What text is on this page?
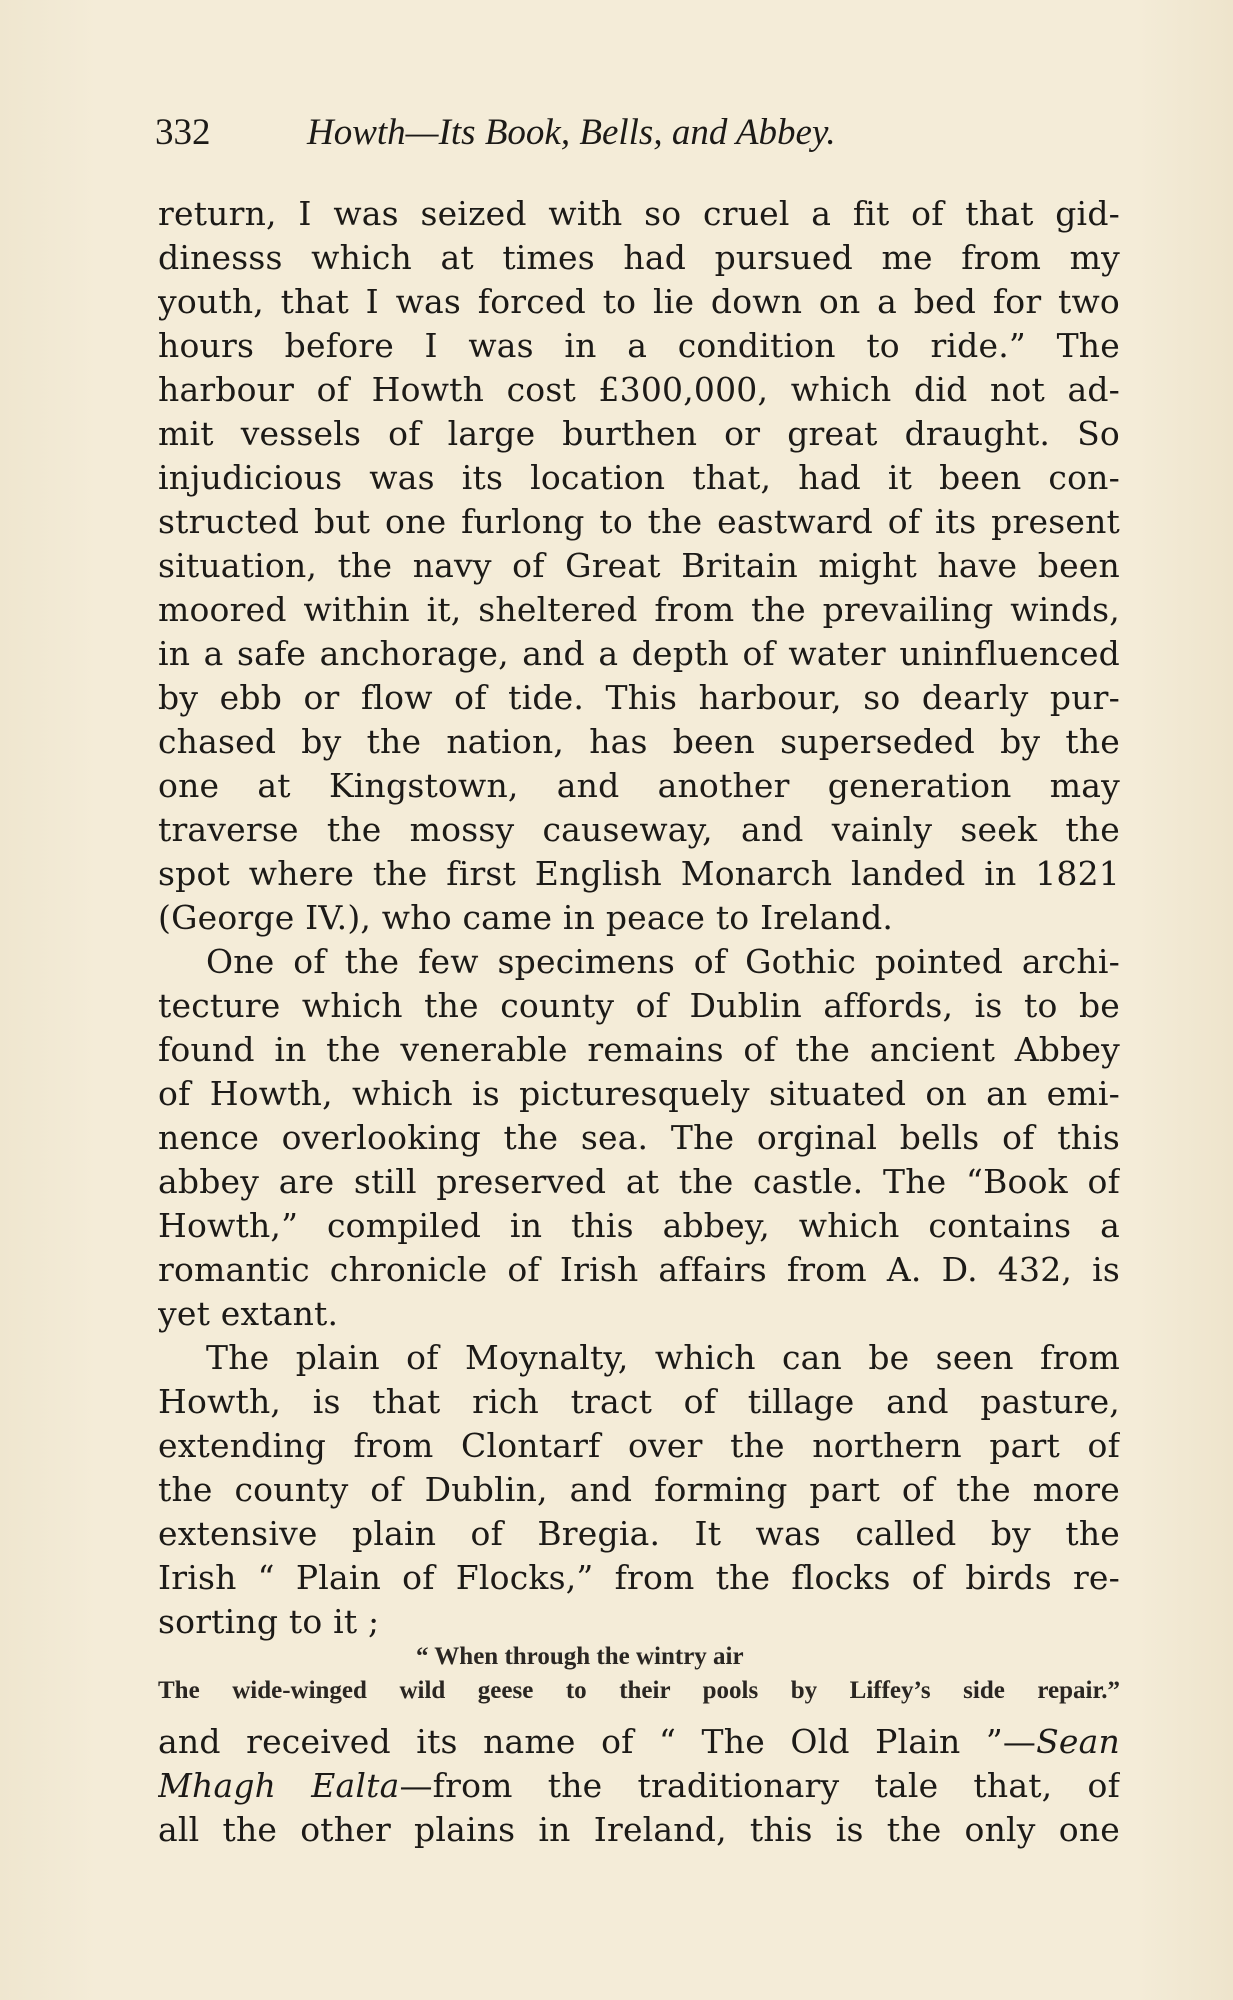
332	Howth—Its Book, Bells, and Abbey.
return, I was seized with so cruel a fit of that gid-
dinesss which at times had pursued me from my
youth, that I was forced to lie down on a bed for two
hours before I was in a condition to ride.” The
harbour of Howth cost £300,000, which did not ad-
mit vessels of large burthen or great draught. So
injudicious was its location that, had it been con-
structed but one furlong to the eastward of its present
situation, the navy of Great Britain might have been
moored within it, sheltered from the prevailing winds,
in a safe anchorage, and a depth of water uninfluenced
by ebb or flow of tide. This harbour, so dearly pur-
chased by the nation, has been superseded by the
one at Kingstown, and another generation may
traverse the mossy causeway, and vainly seek the
spot where the first English Monarch landed in 1821
(George IV.), who came in peace to Ireland.
One of the few specimens of Gothic pointed archi-
tecture which the county of Dublin affords, is to be
found in the venerable remains of the ancient Abbey
of Howth, which is picturesquely situated on an emi-
nence overlooking the sea. The orginal bells of this
abbey are still preserved at the castle. The “Book of
Howth,” compiled in this abbey, which contains a
romantic chronicle of Irish affairs from A. D. 432, is
yet extant.
The plain of Moynalty, which can be seen from
Howth, is that rich tract of tillage and pasture,
extending from Clontarf over the northern part of
the county of Dublin, and forming part of the more
extensive plain of Bregia. It was called by the
Irish “ Plain of Flocks,” from the flocks of birds re-
sorting to it ;
“ When through the wintry air
The wide-winged wild geese to their pools by Liffey’s side repair.”
and received its name of “ The Old Plain ”—Sean
Mhagh Ealta—from the traditionary tale that, of
all the other plains in Ireland, this is the only one
